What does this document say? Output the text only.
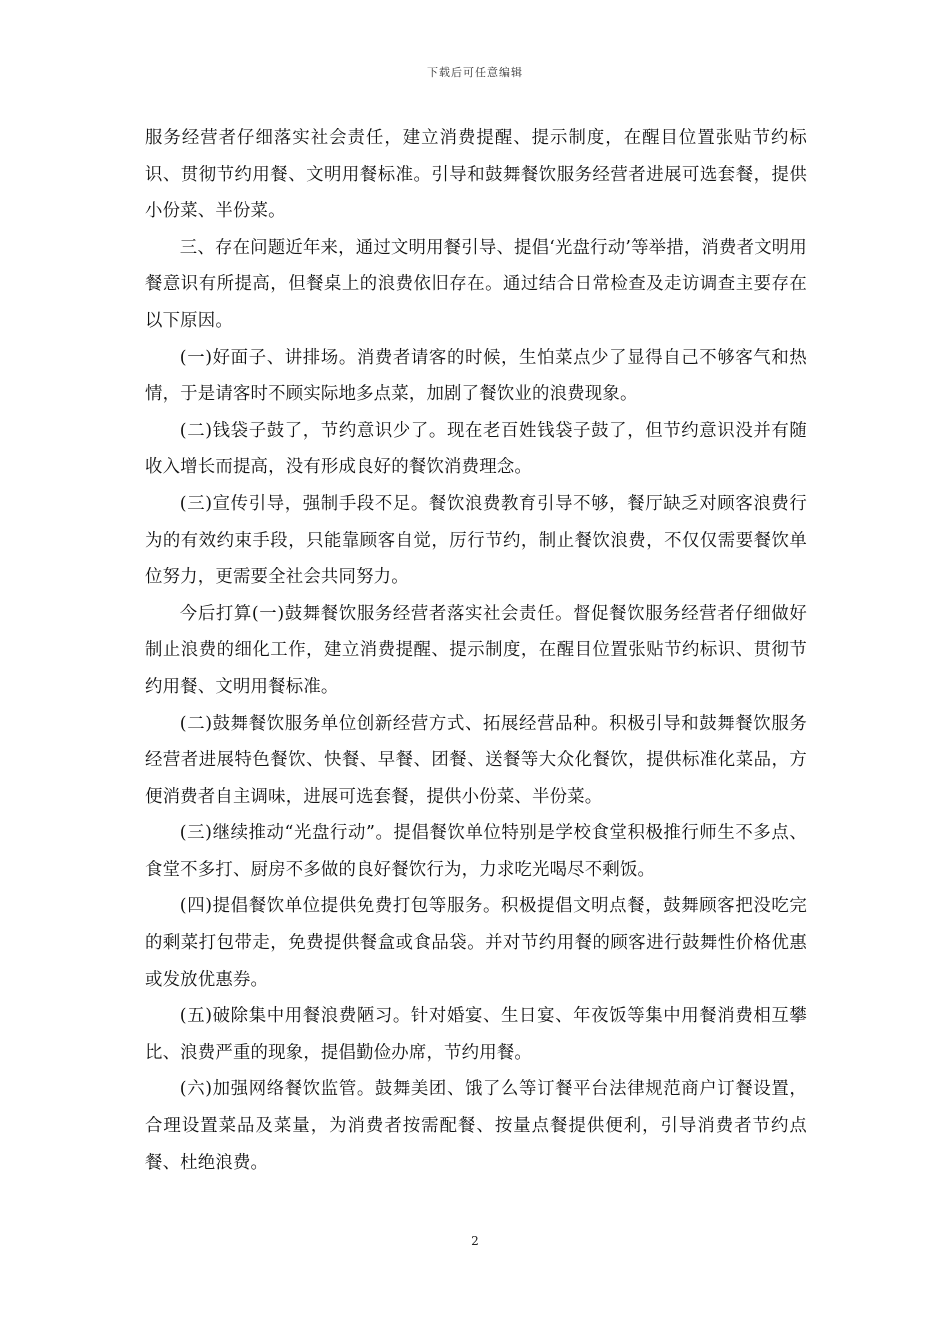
下载后可任意编辑

服务经营者仔细落实社会责任，建立消费提醒、提示制度，在醒目位置张贴节约标识、贯彻节约用餐、文明用餐标准。引导和鼓舞餐饮服务经营者进展可选套餐，提供小份菜、半份菜。

三、存在问题近年来，通过文明用餐引导、提倡‘光盘行动’等举措，消费者文明用餐意识有所提高，但餐桌上的浪费依旧存在。通过结合日常检查及走访调查主要存在以下原因。

(一)好面子、讲排场。消费者请客的时候，生怕菜点少了显得自己不够客气和热情，于是请客时不顾实际地多点菜，加剧了餐饮业的浪费现象。

(二)钱袋子鼓了，节约意识少了。现在老百姓钱袋子鼓了，但节约意识没并有随收入增长而提高，没有形成良好的餐饮消费理念。

(三)宣传引导，强制手段不足。餐饮浪费教育引导不够，餐厅缺乏对顾客浪费行为的有效约束手段，只能靠顾客自觉，厉行节约，制止餐饮浪费，不仅仅需要餐饮单位努力，更需要全社会共同努力。

今后打算(一)鼓舞餐饮服务经营者落实社会责任。督促餐饮服务经营者仔细做好制止浪费的细化工作，建立消费提醒、提示制度，在醒目位置张贴节约标识、贯彻节约用餐、文明用餐标准。

(二)鼓舞餐饮服务单位创新经营方式、拓展经营品种。积极引导和鼓舞餐饮服务经营者进展特色餐饮、快餐、早餐、团餐、送餐等大众化餐饮，提供标准化菜品，方便消费者自主调味，进展可选套餐，提供小份菜、半份菜。

(三)继续推动“光盘行动”。提倡餐饮单位特别是学校食堂积极推行师生不多点、食堂不多打、厨房不多做的良好餐饮行为，力求吃光喝尽不剩饭。

(四)提倡餐饮单位提供免费打包等服务。积极提倡文明点餐，鼓舞顾客把没吃完的剩菜打包带走，免费提供餐盒或食品袋。并对节约用餐的顾客进行鼓舞性价格优惠或发放优惠券。

(五)破除集中用餐浪费陋习。针对婚宴、生日宴、年夜饭等集中用餐消费相互攀比、浪费严重的现象，提倡勤俭办席，节约用餐。

(六)加强网络餐饮监管。鼓舞美团、饿了么等订餐平台法律规范商户订餐设置，合理设置菜品及菜量，为消费者按需配餐、按量点餐提供便利，引导消费者节约点餐、杜绝浪费。

2
